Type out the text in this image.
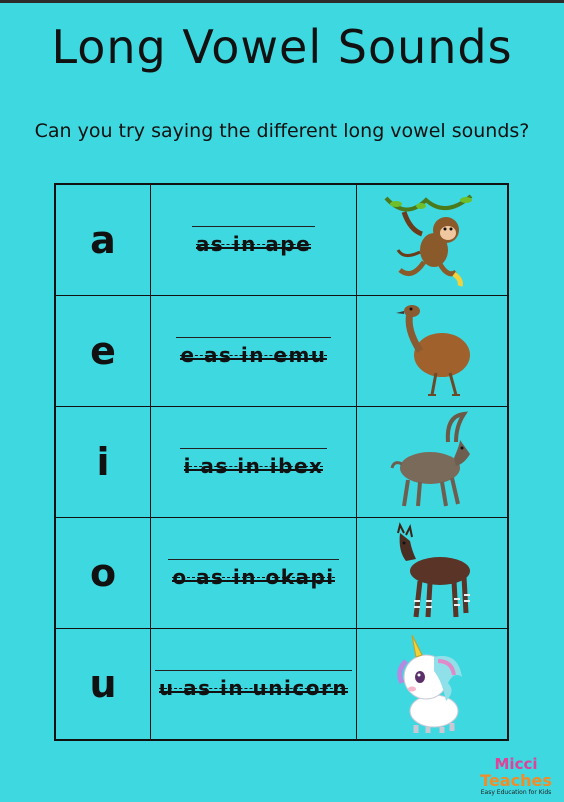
Long Vowel Sounds
Can you try saying the different long vowel sounds?
a	as in ape	

e	e as in emu	

i	i as in ibex	

o	o as in okapi	

u	u as in unicorn	
Micci
Teaches
Easy Education for Kids
